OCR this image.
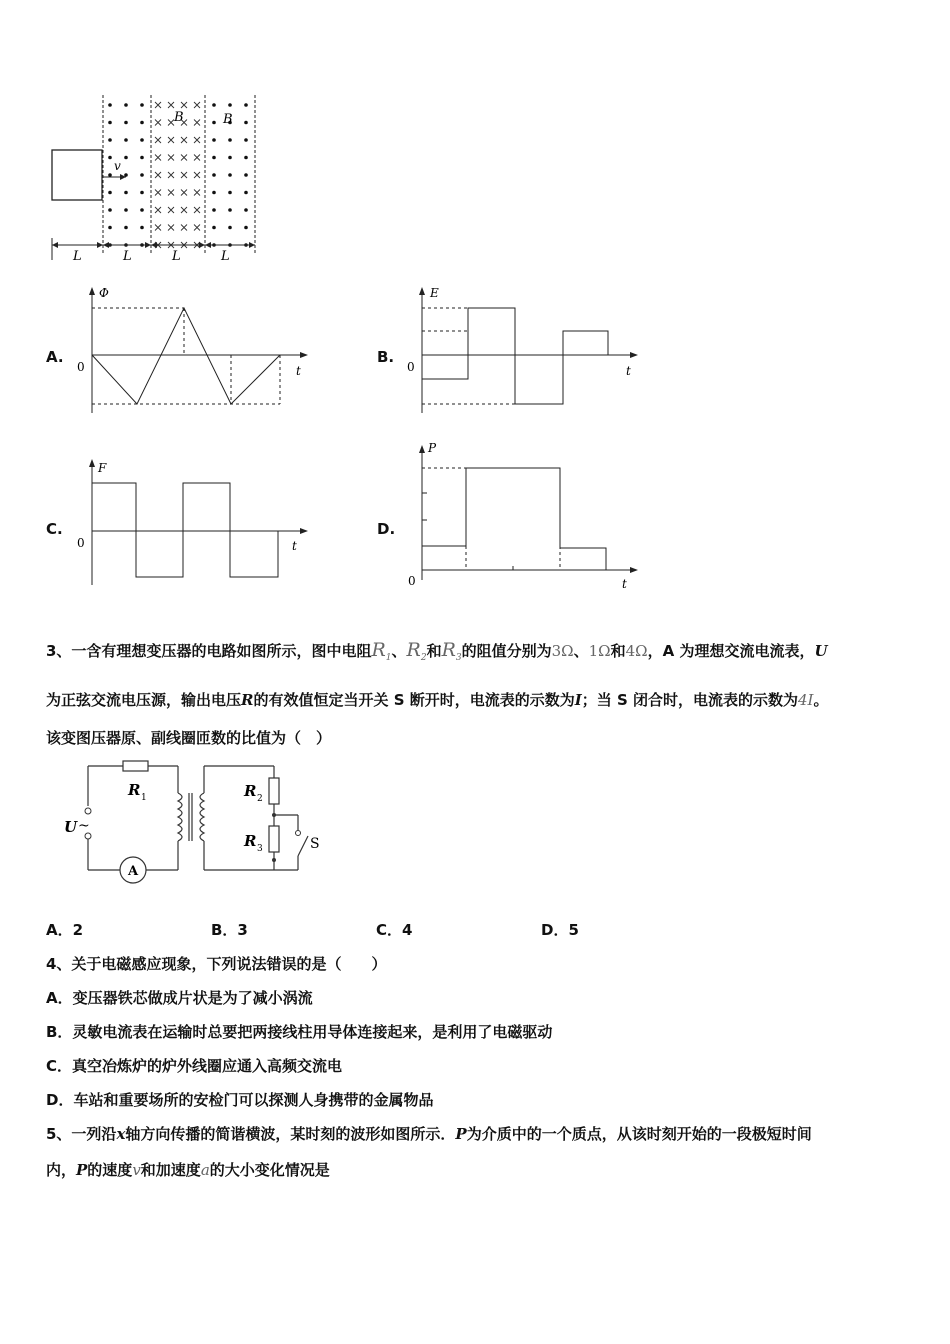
v
B	B
L	L	L	L
A.
Φ
0	t
B.
E
0	t
C.
F
0	t
D.
P
0	t
3、一含有理想变压器的电路如图所示，图中电阻$R_1$、$R_2$和$R_3$的阻值分别为3Ω、1Ω和4Ω，A 为理想交流电流表，U
为正弦交流电压源，输出电压R的有效值恒定当开关 S 断开时，电流表的示数为I；当 S 闭合时，电流表的示数为4I。
该变图压器原、副线圈匝数的比值为（　）
A
R 1	R 2
R 3
U ~
S
A．2	B．3	C．4	D．5
4、关于电磁感应现象，下列说法错误的是（　　）
A．变压器铁芯做成片状是为了减小涡流
B．灵敏电流表在运输时总要把两接线柱用导体连接起来，是利用了电磁驱动
C．真空冶炼炉的炉外线圈应通入高频交流电
D．车站和重要场所的安检门可以探测人身携带的金属物品
5、一列沿x轴方向传播的简谐横波，某时刻的波形如图所示．P为介质中的一个质点，从该时刻开始的一段极短时间
内，P的速度v和加速度a的大小变化情况是
